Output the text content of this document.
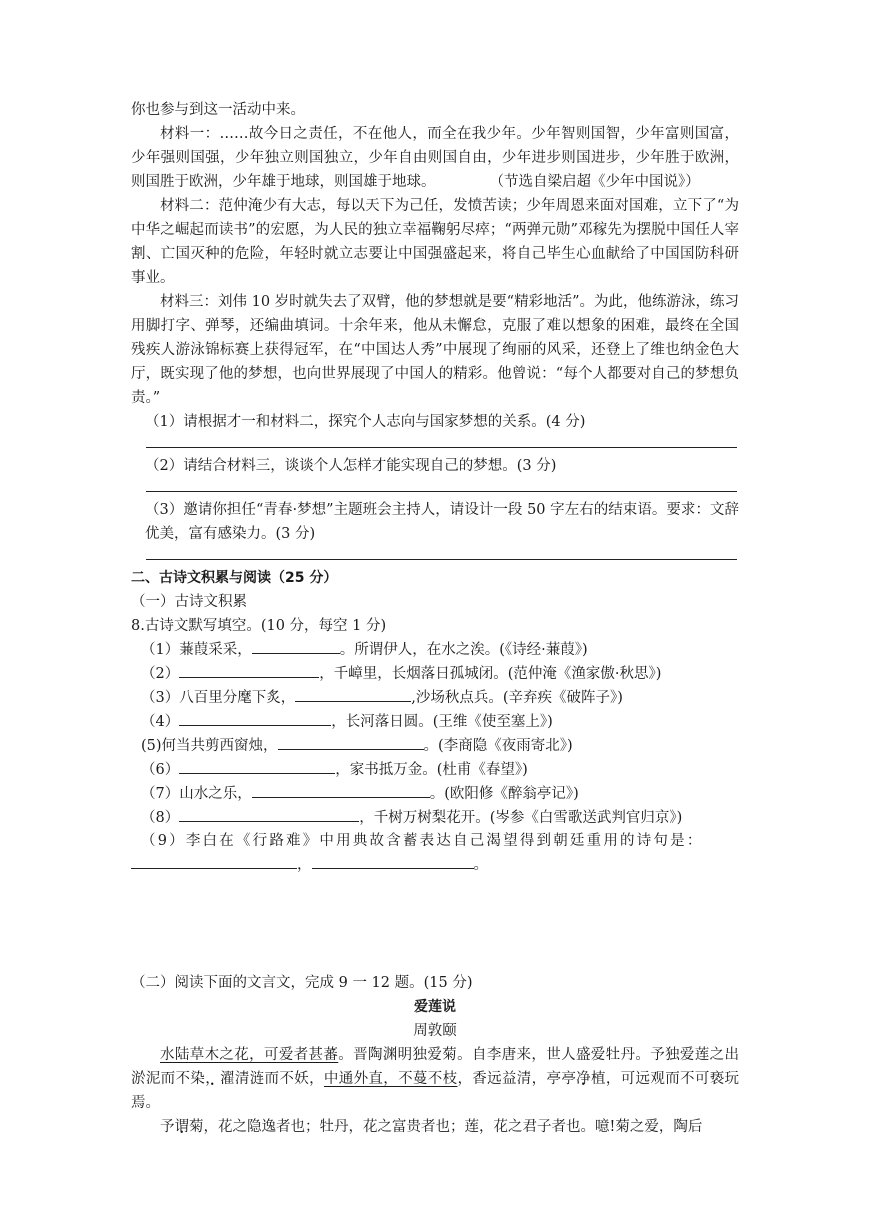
你也参与到这一活动中来。

材料一：……故今日之责任，不在他人，而全在我少年。少年智则国智，少年富则国富，少年强则国强，少年独立则国独立，少年自由则国自由，少年进步则国进步，少年胜于欧洲，则国胜于欧洲，少年雄于地球，则国雄于地球。	（节选自梁启超《少年中国说》）

材料二：范仲淹少有大志，每以天下为己任，发愤苦读；少年周恩来面对国难，立下了“为中华之崛起而读书”的宏愿，为人民的独立幸福鞠躬尽瘁；“两弹元勋”邓稼先为摆脱中国任人宰割、亡国灭种的危险，年轻时就立志要让中国强盛起来，将自己毕生心血献给了中国国防科研事业。

材料三：刘伟 10 岁时就失去了双臂，他的梦想就是要“精彩地活”。为此，他练游泳，练习用脚打字、弹琴，还编曲填词。十余年来，他从未懈怠，克服了难以想象的困难，最终在全国残疾人游泳锦标赛上获得冠军，在“中国达人秀”中展现了绚丽的风采，还登上了维也纳金色大厅，既实现了他的梦想，也向世界展现了中国人的精彩。他曾说：“每个人都要对自己的梦想负责。”

（1）请根据才一和材料二，探究个人志向与国家梦想的关系。(4 分)

（2）请结合材料三，谈谈个人怎样才能实现自己的梦想。(3 分)

（3）邀请你担任“青春·梦想”主题班会主持人，请设计一段 50 字左右的结束语。要求：文辞优美，富有感染力。(3 分)

二、古诗文积累与阅读（25 分）

（一）古诗文积累

8.古诗文默写填空。(10 分，每空 1 分)

（1）蒹葭采采，	。所谓伊人，在水之涘。(《诗经·蒹葭》)

（2）	，千嶂里，长烟落日孤城闭。(范仲淹《渔家傲·秋思》)

（3）八百里分麾下炙，	,沙场秋点兵。(辛弃疾《破阵子》)

（4）	，长河落日圆。(王维《使至塞上》)

(5)何当共剪西窗烛，	。(李商隐《夜雨寄北》)

（6）	，家书抵万金。(杜甫《春望》)

（7）山水之乐，	。(欧阳修《醉翁亭记》)

（8）	，千树万树梨花开。(岑参《白雪歌送武判官归京》)

（9）李白在《行路难》中用典故含蓄表达自己渴望得到朝廷重用的诗句是：

，	。

（二）阅读下面的文言文，完成 9 一 12 题。(15 分)

爱莲说

周敦颐

水陆草木之花，可爱者甚蕃。晋陶渊明独爱菊。自李唐来，世人盛爱牡丹。予独爱莲之出淤泥而不染，濯清涟而不妖，中通外直，不蔓不枝，香远益清，亭亭净植，可远观而不可亵玩焉。

予谓菊，花之隐逸者也；牡丹，花之富贵者也；莲，花之君子者也。噫!菊之爱，陶后
